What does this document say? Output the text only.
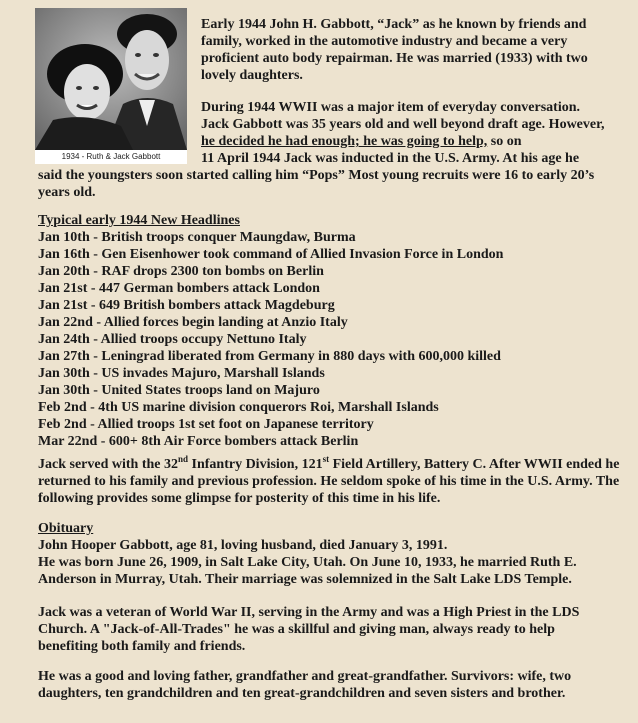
1934 - Ruth & Jack Gabbott

Early 1944 John H. Gabbott, “Jack” as he known by friends and family, worked in the automotive industry and became a very proficient auto body repairman. He was married (1933) with two lovely daughters.

During 1944 WWII was a major item of everyday conversation. Jack Gabbott was 35 years old and well beyond draft age. However, he decided he had enough; he was going to help, so on
11 April 1944 Jack was inducted in the U.S. Army. At his age he

said the youngsters soon started calling him “Pops” Most young recruits were 16 to early 20’s years old.

Typical early 1944 New Headlines
Jan 10th - British troops conquer Maungdaw, Burma
Jan 16th - Gen Eisenhower took command of Allied Invasion Force in London
Jan 20th - RAF drops 2300 ton bombs on Berlin
Jan 21st - 447 German bombers attack London
Jan 21st - 649 British bombers attack Magdeburg
Jan 22nd - Allied forces begin landing at Anzio Italy
Jan 24th - Allied troops occupy Nettuno Italy
Jan 27th - Leningrad liberated from Germany in 880 days with 600,000 killed
Jan 30th - US invades Majuro, Marshall Islands
Jan 30th - United States troops land on Majuro
Feb 2nd - 4th US marine division conquerors Roi, Marshall Islands
Feb 2nd - Allied troops 1st set foot on Japanese territory
Mar 22nd - 600+ 8th Air Force bombers attack Berlin

Jack served with the 32nd Infantry Division, 121st Field Artillery, Battery C. After WWII ended he returned to his family and previous profession. He seldom spoke of his time in the U.S. Army. The following provides some glimpse for posterity of this time in his life.

Obituary
John Hooper Gabbott, age 81, loving husband, died January 3, 1991.
He was born June 26, 1909, in Salt Lake City, Utah. On June 10, 1933, he married Ruth E. Anderson in Murray, Utah. Their marriage was solemnized in the Salt Lake LDS Temple.

Jack was a veteran of World War II, serving in the Army and was a High Priest in the LDS Church. A "Jack-of-All-Trades" he was a skillful and giving man, always ready to help benefiting both family and friends.

He was a good and loving father, grandfather and great-grandfather. Survivors: wife, two daughters, ten grandchildren and ten great-grandchildren and seven sisters and brother.
